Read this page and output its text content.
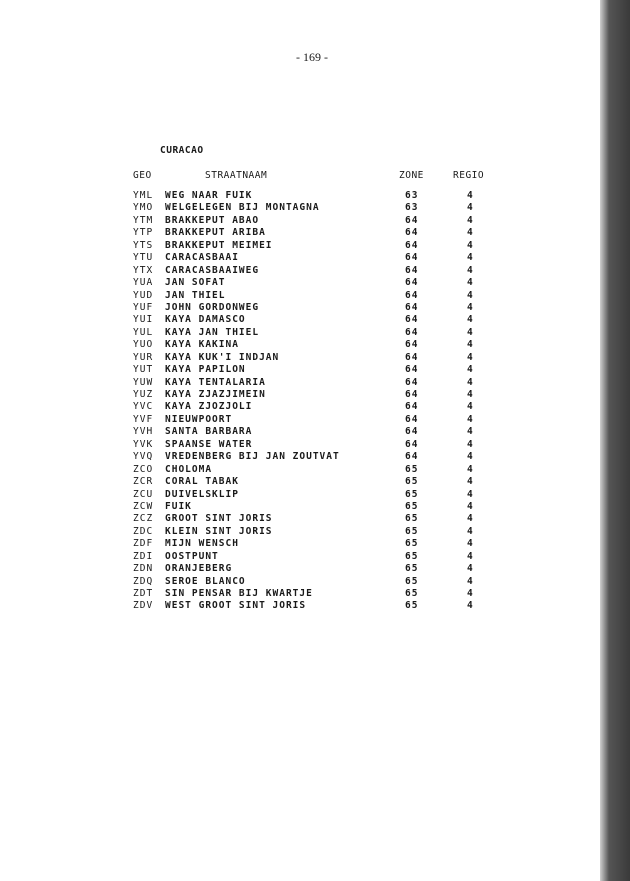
- 169 -
CURACAO
GEO	STRAATNAAM	ZONE	REGIO
YML WEG NAAR FUIK	63	4
YMO WELGELEGEN BIJ MONTAGNA	63	4
YTM BRAKKEPUT ABAO	64	4
YTP BRAKKEPUT ARIBA	64	4
YTS BRAKKEPUT MEIMEI	64	4
YTU CARACASBAAI	64	4
YTX CARACASBAAIWEG	64	4
YUA JAN SOFAT	64	4
YUD JAN THIEL	64	4
YUF JOHN GORDONWEG	64	4
YUI KAYA DAMASCO	64	4
YUL KAYA JAN THIEL	64	4
YUO KAYA KAKINA	64	4
YUR KAYA KUK'I INDJAN	64	4
YUT KAYA PAPILON	64	4
YUW KAYA TENTALARIA	64	4
YUZ KAYA ZJAZJIMEIN	64	4
YVC KAYA ZJOZJOLI	64	4
YVF NIEUWPOORT	64	4
YVH SANTA BARBARA	64	4
YVK SPAANSE WATER	64	4
YVQ VREDENBERG BIJ JAN ZOUTVAT	64	4
ZCO CHOLOMA	65	4
ZCR CORAL TABAK	65	4
ZCU DUIVELSKLIP	65	4
ZCW FUIK	65	4
ZCZ GROOT SINT JORIS	65	4
ZDC KLEIN SINT JORIS	65	4
ZDF MIJN WENSCH	65	4
ZDI OOSTPUNT	65	4
ZDN ORANJEBERG	65	4
ZDQ SEROE BLANCO	65	4
ZDT SIN PENSAR BIJ KWARTJE	65	4
ZDV WEST GROOT SINT JORIS	65	4
